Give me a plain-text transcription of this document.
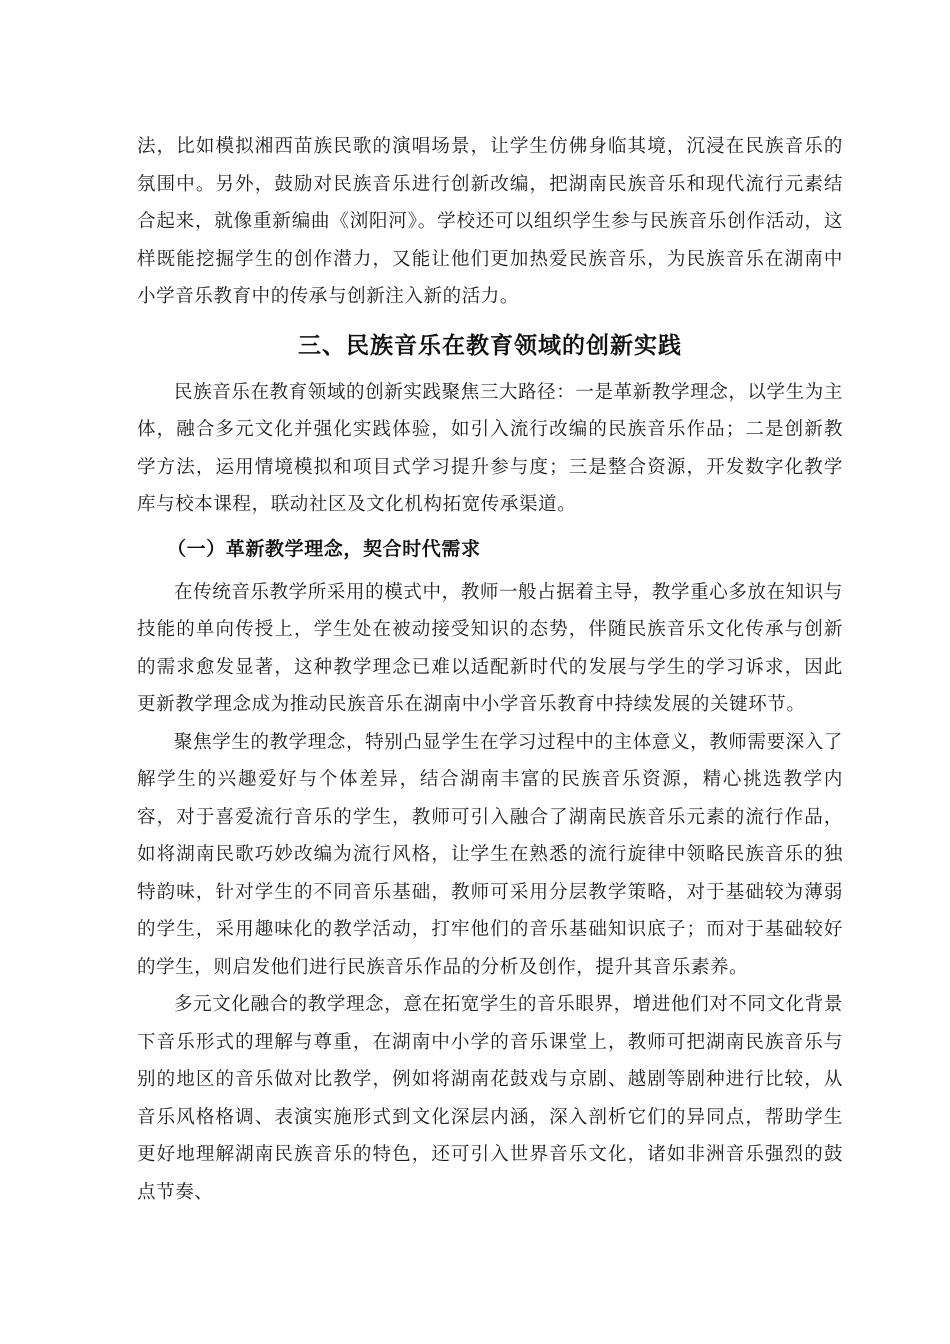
法，比如模拟湘西苗族民歌的演唱场景，让学生仿佛身临其境，沉浸在民族音乐的氛围中。另外，鼓励对民族音乐进行创新改编，把湖南民族音乐和现代流行元素结合起来，就像重新编曲《浏阳河》。学校还可以组织学生参与民族音乐创作活动，这样既能挖掘学生的创作潜力，又能让他们更加热爱民族音乐，为民族音乐在湖南中小学音乐教育中的传承与创新注入新的活力。

三、民族音乐在教育领域的创新实践

民族音乐在教育领域的创新实践聚焦三大路径：一是革新教学理念，以学生为主体，融合多元文化并强化实践体验，如引入流行改编的民族音乐作品；二是创新教学方法，运用情境模拟和项目式学习提升参与度；三是整合资源，开发数字化教学库与校本课程，联动社区及文化机构拓宽传承渠道。

（一）革新教学理念，契合时代需求

在传统音乐教学所采用的模式中，教师一般占据着主导，教学重心多放在知识与技能的单向传授上，学生处在被动接受知识的态势，伴随民族音乐文化传承与创新的需求愈发显著，这种教学理念已难以适配新时代的发展与学生的学习诉求，因此更新教学理念成为推动民族音乐在湖南中小学音乐教育中持续发展的关键环节。

聚焦学生的教学理念，特别凸显学生在学习过程中的主体意义，教师需要深入了解学生的兴趣爱好与个体差异，结合湖南丰富的民族音乐资源，精心挑选教学内容，对于喜爱流行音乐的学生，教师可引入融合了湖南民族音乐元素的流行作品，如将湖南民歌巧妙改编为流行风格，让学生在熟悉的流行旋律中领略民族音乐的独特韵味，针对学生的不同音乐基础，教师可采用分层教学策略，对于基础较为薄弱的学生，采用趣味化的教学活动，打牢他们的音乐基础知识底子；而对于基础较好的学生，则启发他们进行民族音乐作品的分析及创作，提升其音乐素养。

多元文化融合的教学理念，意在拓宽学生的音乐眼界，增进他们对不同文化背景下音乐形式的理解与尊重，在湖南中小学的音乐课堂上，教师可把湖南民族音乐与别的地区的音乐做对比教学，例如将湖南花鼓戏与京剧、越剧等剧种进行比较，从音乐风格格调、表演实施形式到文化深层内涵，深入剖析它们的异同点，帮助学生更好地理解湖南民族音乐的特色，还可引入世界音乐文化，诸如非洲音乐强烈的鼓点节奏、
